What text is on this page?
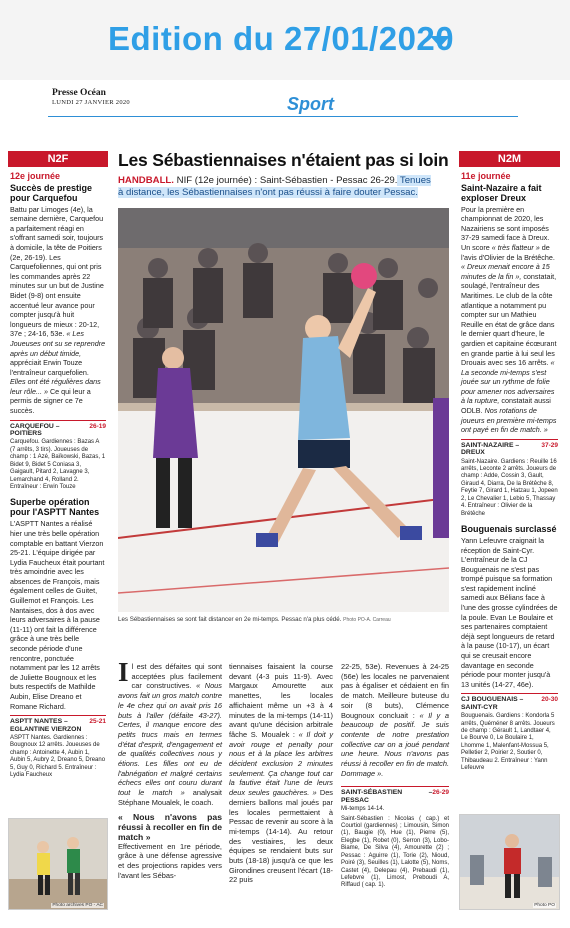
Edition du 27/01/2020
Presse Océan
LUNDI 27 JANVIER 2020	Sport
N2F
12e journée
Succès de prestige pour Carquefou
Battu par Limoges (4e), la semaine dernière, Carquefou a parfaitement réagi en s'offrant samedi soir, toujours à domicile, la tête de Poitiers (2e, 26-19). Les Carquefoliennes, qui ont pris les commandes après 22 minutes sur un but de Justine Bidet (9-8) ont ensuite accentué leur avance pour compter jusqu'à huit longueurs de mieux : 20-12, 37e ; 24-16, 53e. « Les Joueuses ont su se reprendre après un début timide, appréciait Erwin Touze l'entraîneur carquefolien. Elles ont été régulières dans leur rôle... » Ce qui leur a permis de signer ce 7e succès.
26-19
CARQUEFOU – POITIERS
Carquefou. Gardiennes : Bazas A (7 arrêts, 3 tirs). Joueuses de champ : 1 Azé, Baïkowski, Bazas, 1 Bidet 9, Bidet 5 Coniasa 3, Gaigault, Pitard 2, Lavagne 3, Lemarchand 4, Rolland 2. Entraîneur : Erwin Touze
Superbe opération pour l'ASPTT Nantes
L'ASPTT Nantes a réalisé hier une très belle opération comptable en battant Vierzon 25-21. L'équipe dirigée par Lydia Faucheux était pourtant très amoindrie avec les absences de François, mais également celles de Guitet, Guillemot et François. Les Nantaises, dos à dos avec leurs adversaires à la pause (11-11) ont fait la différence grâce à une très belle seconde période d'une rencontre, ponctuée notamment par les 12 arrêts de Juliette Bougnoux et les buts respectifs de Mathilde Aubin, Elise Dreano et Romane Richard.
25-21
ASPTT NANTES – EGLANTINE VIERZON
ASPTT Nantes. Gardiennes : Bougnoux 12 arrêts. Joueuses de champ : Antoinette 4, Aubin 1, Aubin 5, Aubry 2, Dreano 5, Dreano 5, Guy 0, Richard 5. Entraîneur : Lydia Faucheux
Photo archives PO - AC
Les Sébastiennaises n'étaient pas si loin
HANDBALL. NIF (12e journée) : Saint-Sébastien - Pessac 26-29. Tenues à distance, les Sébastiennaises n'ont pas réussi à faire douter Pessac.
Les Sébastiennaises se sont fait distancer en 2e mi-temps. Pessac n'a plus cédé. Photo PO-A. Carreau
Il est des défaites qui sont acceptées plus facilement car constructives. « Nous avons fait un gros match contre le 4e chez qui on avait pris 16 buts à l'aller (défaite 43-27). Certes, il manque encore des petits trucs mais en termes d'état d'esprit, d'engagement et de qualités collectives nous y étions. Les filles ont eu de l'abnégation et malgré certains échecs elles ont couru durant tout le match » analysait Stéphane Moualek, le coach.
« Nous n'avons pas réussi à recoller en fin de match »
Effectivement en 1re période, grâce à une défense agressive et des projections rapides vers l'avant les Sébas-
tiennaises faisaient la course devant (4-3 puis 11-9). Avec Margaux Amourette aux manettes, les locales affichaient même un +3 à 4 minutes de la mi-temps (14-11) avant qu'une décision arbitrale fâche S. Moualek : « Il doit y avoir rouge et penalty pour nous et à la place les arbitres décident exclusion 2 minutes seulement. Ça change tout car la fautive était l'une de leurs deux seules gauchères. » Des derniers ballons mal joués par les locales permettaient à Pessac de revenir au score à la mi-temps (14-14). Au retour des vestiaires, les deux équipes se rendaient buts sur buts (18-18) jusqu'à ce que les Girondines creusent l'écart (18-22 puis
22-25, 53e). Revenues à 24-25 (56e) les locales ne parvenaient pas à égaliser et cédaient en fin de match. Meilleure buteuse du soir (8 buts), Clémence Bougnoux concluait : « Il y a beaucoup de positif. Je suis contente de notre prestation collective car on a joué pendant une heure. Nous n'avons pas réussi à recoller en fin de match. Dommage ».
26-29
SAINT-SÉBASTIEN – PESSAC
Mi-temps 14-14.
Saint-Sébastien : Nicolas ( cap.) et Courtiol (gardiennes) ; Limousin, Simon (1), Baugie (0), Hue (1), Pierre (5), Elegbe (1), Robet (0), Serron (3), Lobo-Biame, De Silva (4), Amourette (2) ; Pessac : Aguirre (1), Torie (2), Nioud, Poiré (3), Seuilles (1), Lalotte (5), Noms, Castet (4), Delepau (4), Prebaudi (1), Lefebvre (1), Limost, Preboudi A, Riffaud ( cap. 1).
N2M
11e journée
Saint-Nazaire a fait exploser Dreux
Pour la première en championnat de 2020, les Nazairiens se sont imposés 37-29 samedi face à Dreux. Un score « très flatteur » de l'avis d'Olivier de la Brétêche. « Dreux menait encore à 15 minutes de la fin », constatait, soulagé, l'entraîneur des Maritimes. Le club de la côte atlantique a notamment pu compter sur un Mathieu Reuille en état de grâce dans le dernier quart d'heure, le gardien et capitaine écœurant en grande partie à lui seul les Drouais avec ses 16 arrêts. « La seconde mi-temps s'est jouée sur un rythme de folie pour amener nos adversaires à la rupture, constatait aussi ODLB. Nos rotations de joueurs en première mi-temps ont payé en fin de match. »
37-29
SAINT-NAZAIRE – DREUX
Saint-Nazaire. Gardiens : Reuille 16 arrêts, Leconte 2 arrêts. Joueurs de champ : Adde, Cossin 3, Gault, Giraud 4, Diarra, De la Brétêche 8, Feytie 7, Girard 1, Hatzau 1, Jopeen 2, Le Chevalier 1, Lebio 5, Thassay 4. Entraîneur : Olivier de la Brétêche
Bouguenais surclassé
Yann Lefeuvre craignait la réception de Saint-Cyr. L'entraîneur de la CJ Bouguenais ne s'est pas trompé puisque sa formation s'est rapidement incliné samedi aux Bélians face à l'une des grosse cylindrées de la poule. Evan Le Boulaire et ses partenaires comptaient déjà sept longueurs de retard à la pause (10-17), un écart qui se creusait encore davantage en seconde période pour monter jusqu'à 13 unités (14-27, 46e).
20-30
CJ BOUGUENAIS – SAINT-CYR
Bouguenais. Gardiens : Kondorla 5 arrêts, Quéméner 8 arrêts. Joueurs de champ : Gérault 1, Landtaer 4, Le Bourve 0, Le Boulaire 1, Lhomme 1, Malenfant-Mossua 5, Pelletier 2, Poirier 2, Soutier 0, Thibaudeau 2. Entraîneur : Yann Lefeuvre
Photo PO
